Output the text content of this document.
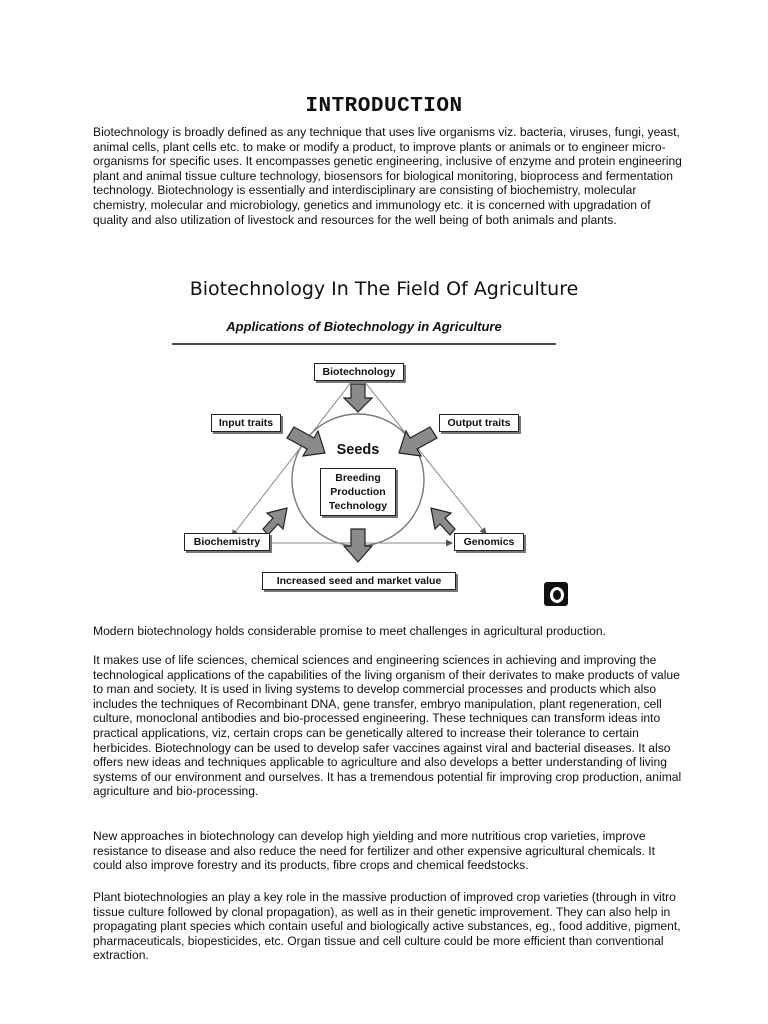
INTRODUCTION

Biotechnology is broadly defined as any technique that uses live organisms viz. bacteria, viruses, fungi, yeast, animal cells, plant cells etc. to make or modify a product, to improve plants or animals or to engineer micro-organisms for specific uses. It encompasses genetic engineering, inclusive of enzyme and protein engineering plant and animal tissue culture technology, biosensors for biological monitoring, bioprocess and fermentation technology. Biotechnology is essentially and interdisciplinary are consisting of biochemistry, molecular chemistry, molecular and microbiology, genetics and immunology etc. it is concerned with upgradation of quality and also utilization of livestock and resources for the well being of both animals and plants.

Biotechnology In The Field Of Agriculture

Applications of Biotechnology in Agriculture

Biotechnology
Input traits	Output traits
Biochemistry	Genomics
Increased seed and market value
Seeds
Breeding
Production
Technology

Modern biotechnology holds considerable promise to meet challenges in agricultural production.

It makes use of life sciences, chemical sciences and engineering sciences in achieving and improving the technological applications of the capabilities of the living organism of their derivates to make products of value to man and society. It is used in living systems to develop commercial processes and products which also includes the techniques of Recombinant DNA, gene transfer, embryo manipulation, plant regeneration, cell culture, monoclonal antibodies and bio-processed engineering. These techniques can transform ideas into practical applications, viz, certain crops can be genetically altered to increase their tolerance to certain herbicides. Biotechnology can be used to develop safer vaccines against viral and bacterial diseases. It also offers new ideas and techniques applicable to agriculture and also develops a better understanding of living systems of our environment and ourselves. It has a tremendous potential fir improving crop production, animal agriculture and bio-processing.

New approaches in biotechnology can develop high yielding and more nutritious crop varieties, improve resistance to disease and also reduce the need for fertilizer and other expensive agricultural chemicals. It could also improve forestry and its products, fibre crops and chemical feedstocks.

Plant biotechnologies an play a key role in the massive production of improved crop varieties (through in vitro tissue culture followed by clonal propagation), as well as in their genetic improvement. They can also help in propagating plant species which contain useful and biologically active substances, eg., food additive, pigment, pharmaceuticals, biopesticides, etc. Organ tissue and cell culture could be more efficient than conventional extraction.
